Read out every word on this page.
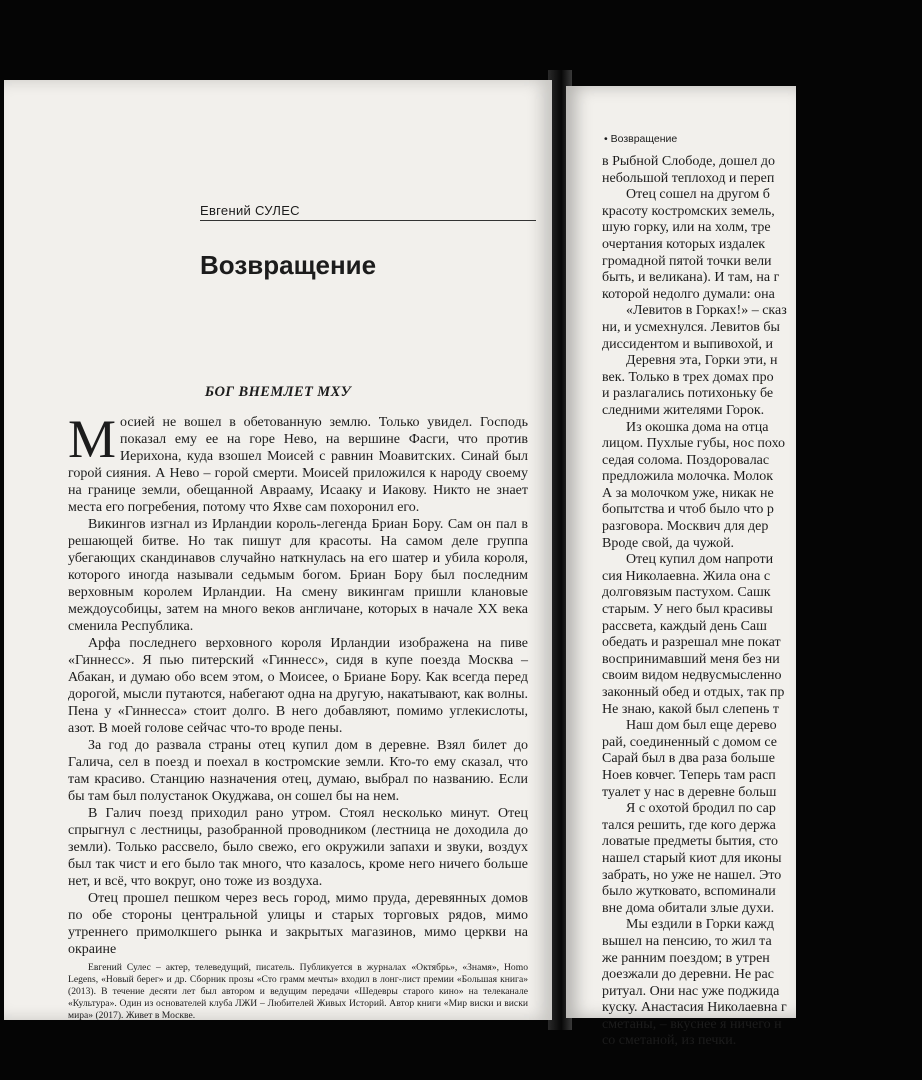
Евгений СУЛЕС
Возвращение
БОГ ВНЕМЛЕТ МХУ

Мосией не вошел в обетованную землю. Только увидел. Господь показал ему ее на горе Нево, на вершине Фасги, что против Иерихона, куда взошел Моисей с равнин Моавитских. Синай был горой сияния. А Нево – горой смерти. Моисей приложился к народу своему на границе земли, обещанной Аврааму, Исааку и Иакову. Никто не знает места его погребения, потому что Яхве сам похоронил его.

Викингов изгнал из Ирландии король-легенда Бриан Бору. Сам он пал в решающей битве. Но так пишут для красоты. На самом деле группа убегающих скандинавов случайно наткнулась на его шатер и убила короля, которого иногда называли седьмым богом. Бриан Бору был последним верховным королем Ирландии. На смену викингам пришли клановые междоусобицы, затем на много веков англичане, которых в начале XX века сменила Республика.

Арфа последнего верховного короля Ирландии изображена на пиве «Гиннесс». Я пью питерский «Гиннесс», сидя в купе поезда Москва – Абакан, и думаю обо всем этом, о Моисее, о Бриане Бору. Как всегда перед дорогой, мысли путаются, набегают одна на другую, накатывают, как волны. Пена у «Гиннесса» стоит долго. В него добавляют, помимо углекислоты, азот. В моей голове сейчас что-то вроде пены.

За год до развала страны отец купил дом в деревне. Взял билет до Галича, сел в поезд и поехал в костромские земли. Кто-то ему сказал, что там красиво. Станцию назначения отец, думаю, выбрал по названию. Если бы там был полустанок Окуджава, он сошел бы на нем.

В Галич поезд приходил рано утром. Стоял несколько минут. Отец спрыгнул с лестницы, разобранной проводником (лестница не доходила до земли). Только рассвело, было свежо, его окружили запахи и звуки, воздух был так чист и его было так много, что казалось, кроме него ничего больше нет, и всё, что вокруг, оно тоже из воздуха.

Отец прошел пешком через весь город, мимо пруда, деревянных домов по обе стороны центральной улицы и старых торговых рядов, мимо утреннего примолкшего рынка и закрытых магазинов, мимо церкви на окраине

Евгений Сулес – актер, телеведущий, писатель. Публикуется в журналах «Октябрь», «Знамя», Homo Legens, «Новый берег» и др. Сборник прозы «Сто грамм мечты» входил в лонг-лист премии «Большая книга» (2013). В течение десяти лет был автором и ведущим передачи «Шедевры старого кино» на телеканале «Культура». Один из основателей клуба ЛЖИ – Любителей Живых Историй. Автор книги «Мир виски и виски мира» (2017). Живет в Москве.

• Возвращение
в Рыбной Слободе, дошел до
небольшой теплоход и переп
Отец сошел на другом б
красоту костромских земель,
шую горку, или на холм, тре
очертания которых издалек
громадной пятой точки вели
быть, и великана). И там, на г
которой недолго думали: она
«Левитов в Горках!» – сказ
ни, и усмехнулся. Левитов бы
диссидентом и выпивохой, и
Деревня эта, Горки эти, н
век. Только в трех домах про
и разлагались потихоньку бе
следними жителями Горок.
Из окошка дома на отца
лицом. Пухлые губы, нос похо
седая солома. Поздоровалас
предложила молочка. Молок
А за молочком уже, никак не
бопытства и чтоб было что р
разговора. Москвич для дер
Вроде свой, да чужой.
Отец купил дом напроти
сия Николаевна. Жила она с
долговязым пастухом. Сашк
старым. У него был красивы
рассвета, каждый день Саш
обедать и разрешал мне покат
воспринимавший меня без ни
своим видом недвусмысленно
законный обед и отдых, так пр
Не знаю, какой был слепень т
Наш дом был еще дерево
рай, соединенный с домом се
Сарай был в два раза больше
Ноев ковчег. Теперь там расп
туалет у нас в деревне больш
Я с охотой бродил по сар
тался решить, где кого держа
ловатые предметы бытия, сто
нашел старый киот для иконы
забрать, но уже не нашел. Это
было жутковато, вспоминали
вне дома обитали злые духи.
Мы ездили в Горки кажд
вышел на пенсию, то жил та
же ранним поездом; в утрен
доезжали до деревни. Не рас
ритуал. Они нас уже поджида
куску. Анастасия Николаевна г
сметаны, – вкуснее я ничего н
со сметаной, из печки.
